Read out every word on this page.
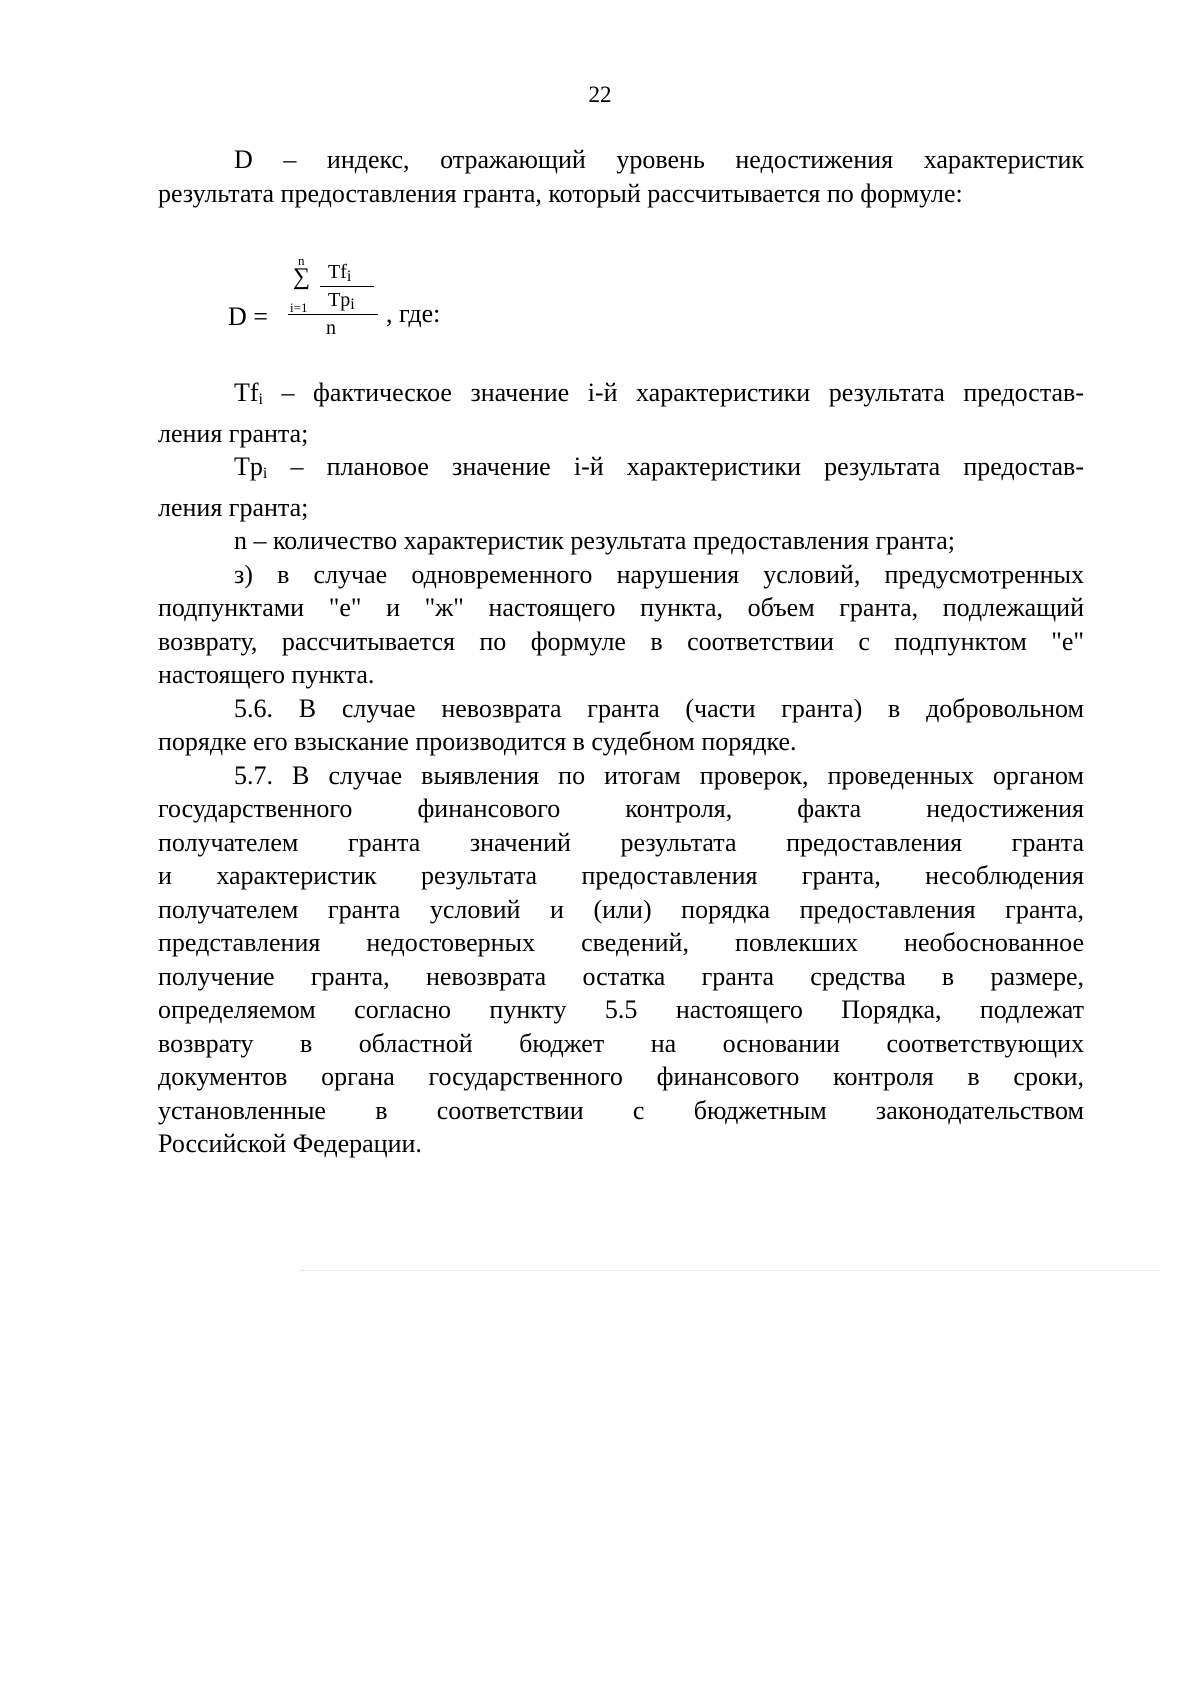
22

D – индекс, отражающий уровень недостижения характеристик

результата предоставления гранта, который рассчитывается по формуле:

D =
n
∑
i=1
$Tf_i$
$Tp_i$
n , где:

$Tf_i$ – фактическое значение i-й характеристики результата предостав-

ления гранта;

$Tp_i$ – плановое значение i-й характеристики результата предостав-

ления гранта;

n – количество характеристик результата предоставления гранта;

з) в случае одновременного нарушения условий, предусмотренных

подпунктами "е" и "ж" настоящего пункта, объем гранта, подлежащий

возврату, рассчитывается по формуле в соответствии с подпунктом "е"

настоящего пункта.

5.6. В случае невозврата гранта (части гранта) в добровольном

порядке его взыскание производится в судебном порядке.

5.7. В случае выявления по итогам проверок, проведенных органом

государственного финансового контроля, факта недостижения

получателем гранта значений результата предоставления гранта

и характеристик результата предоставления гранта, несоблюдения

получателем гранта условий и (или) порядка предоставления гранта,

представления недостоверных сведений, повлекших необоснованное

получение гранта, невозврата остатка гранта средства в размере,

определяемом согласно пункту 5.5 настоящего Порядка, подлежат

возврату в областной бюджет на основании соответствующих

документов органа государственного финансового контроля в сроки,

установленные в соответствии с бюджетным законодательством

Российской Федерации.
